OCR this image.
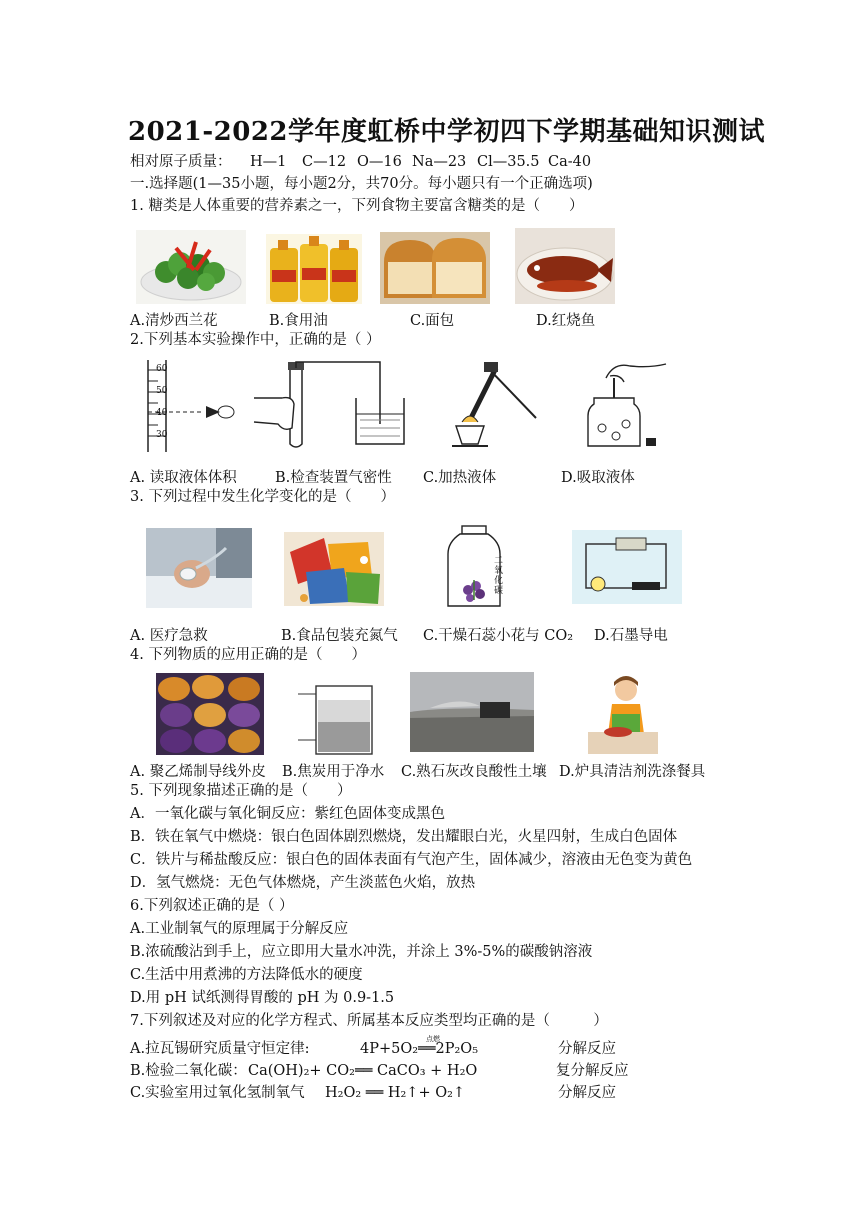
2021-2022学年度虹桥中学初四下学期基础知识测试
相对原子质量： H—1 C—12 O—16 Na—23 Cl—35.5 Ca-40
一.选择题(1—35小题，每小题2分，共70分。每小题只有一个正确选项)
1. 糖类是人体重要的营养素之一，下列食物主要富含糖类的是（　　）
A.清炒西兰花	B.食用油	C.面包	D.红烧鱼
2.下列基本实验操作中，正确的是（ ）
60
50
40
30
A. 读取液体体积	B.检查装置气密性 C.加热液体	D.吸取液体
3. 下列过程中发生化学变化的是（　　）
二氧化碳
A. 医疗急救	B.食品包装充氮气 C.干燥石蕊小花与 CO₂ D.石墨导电
4. 下列物质的应用正确的是（　　）
A. 聚乙烯制导线外皮 B.焦炭用于净水 C.熟石灰改良酸性土壤 D.炉具清洁剂洗涤餐具
5. 下列现象描述正确的是（　　）
A．一氧化碳与氧化铜反应：紫红色固体变成黑色
B．铁在氧气中燃烧：银白色固体剧烈燃烧，发出耀眼白光，火星四射，生成白色固体
C．铁片与稀盐酸反应：银白色的固体表面有气泡产生，固体减少，溶液由无色变为黄色
D．氢气燃烧：无色气体燃烧，产生淡蓝色火焰，放热
6.下列叙述正确的是（ ）
A.工业制氧气的原理属于分解反应
B.浓硫酸沾到手上，应立即用大量水冲洗，并涂上 3%-5%的碳酸钠溶液
C.生活中用煮沸的方法降低水的硬度
D.用 pH 试纸测得胃酸的 pH 为 0.9-1.5
7.下列叙述及对应的化学方程式、所属基本反应类型均正确的是（　　　）
A.拉瓦锡研究质量守恒定律:
点燃
4P+5O₂══2P₂O₅	分解反应
B.检验二氧化碳： Ca(OH)₂+ CO₂══ CaCO₃ + H₂O	复分解反应
C.实验室用过氧化氢制氧气 H₂O₂ ══ H₂↑+ O₂↑	分解反应
